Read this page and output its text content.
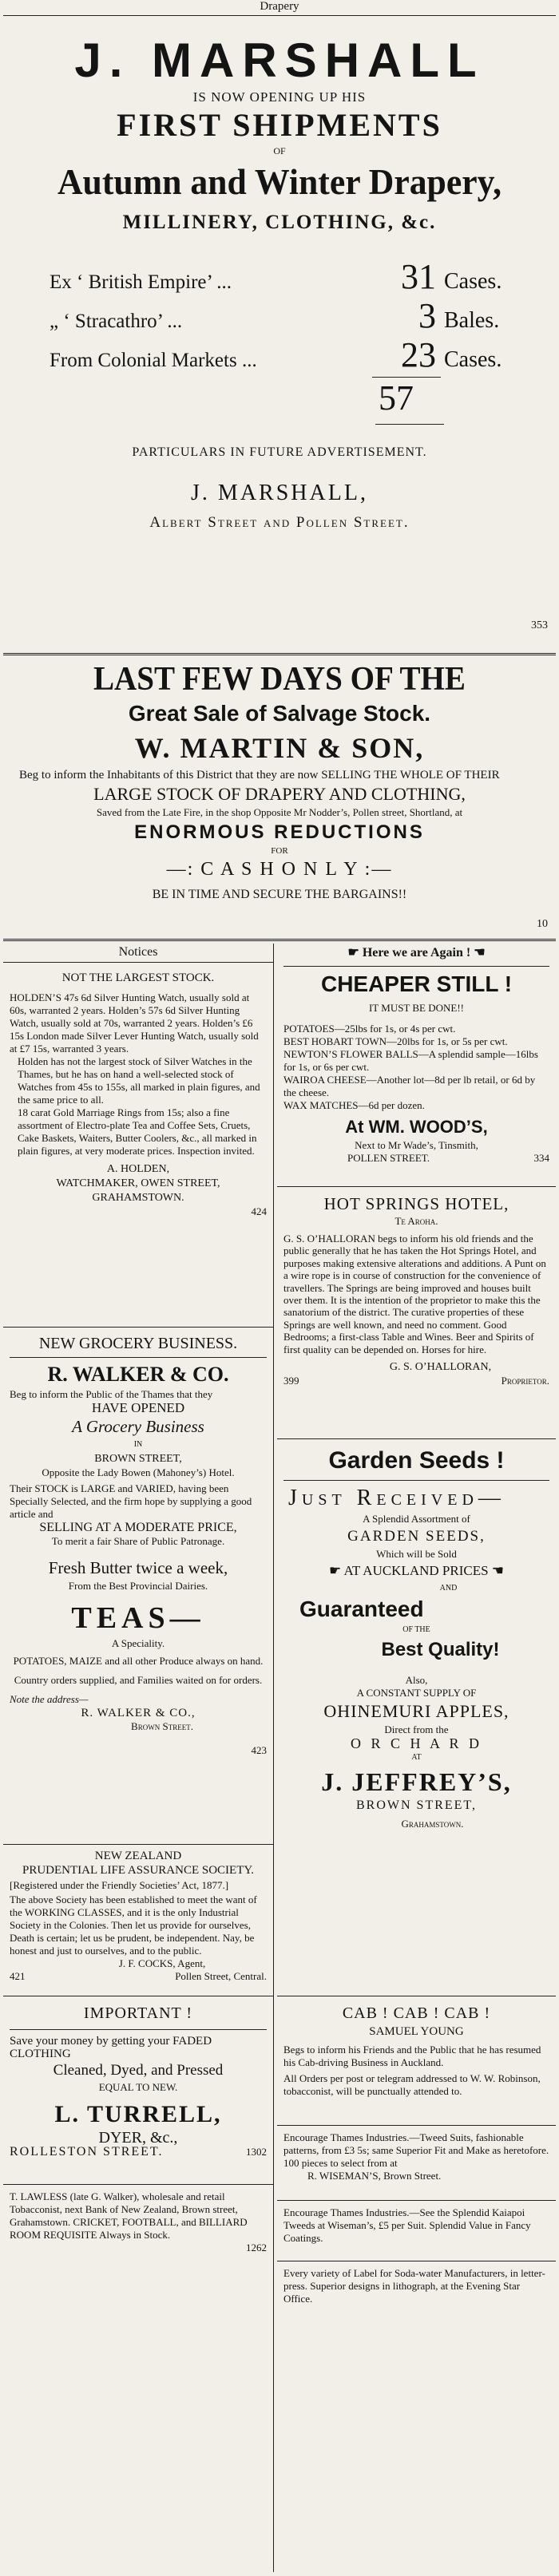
Drapery
J. MARSHALL
IS NOW OPENING UP HIS
FIRST SHIPMENTS
OF
Autumn and Winter Drapery,
MILLINERY, CLOTHING, &c.
Ex ‘ British Empire’ ...	31 Cases.
„ ‘ Stracathro’ ...	3 Bales.
From Colonial Markets ...	23 Cases.
57
PARTICULARS IN FUTURE ADVERTISEMENT.
J. MARSHALL,
Albert Street and Pollen Street.
353
LAST FEW DAYS OF THE
Great Sale of Salvage Stock.
W. MARTIN & SON,
Beg to inform the Inhabitants of this District that they are now SELLING THE WHOLE OF THEIR
LARGE STOCK OF DRAPERY AND CLOTHING,
Saved from the Late Fire, in the shop Opposite Mr Nodder’s, Pollen street, Shortland, at
ENORMOUS REDUCTIONS
FOR
—: C A S H O N L Y :—
BE IN TIME AND SECURE THE BARGAINS!!
10
Notices
NOT THE LARGEST STOCK.
HOLDEN’S 47s 6d Silver Hunting Watch, usually sold at 60s, warranted 2 years. Holden’s 57s 6d Silver Hunting Watch, usually sold at 70s, warranted 2 years. Holden’s £6 15s London made Silver Lever Hunting Watch, usually sold at £7 15s, warranted 3 years.
Holden has not the largest stock of Silver Watches in the Thames, but he has on hand a well-selected stock of Watches from 45s to 155s, all marked in plain figures, and the same price to all.
18 carat Gold Marriage Rings from 15s; also a fine assortment of Electro-plate Tea and Coffee Sets, Cruets, Cake Baskets, Waiters, Butter Coolers, &c., all marked in plain figures, at very moderate prices. Inspection invited.
A. HOLDEN,
WATCHMAKER, OWEN STREET,
GRAHAMSTOWN.
424
NEW GROCERY BUSINESS.
R. WALKER & CO.
Beg to inform the Public of the Thames that they
HAVE OPENED
A Grocery Business
IN
BROWN STREET,
Opposite the Lady Bowen (Mahoney’s) Hotel.
Their STOCK is LARGE and VARIED, having been Specially Selected, and the firm hope by supplying a good article and
SELLING AT A MODERATE PRICE,
To merit a fair Share of Public Patronage.
Fresh Butter twice a week,
From the Best Provincial Dairies.
TEAS—
A Speciality.
POTATOES, MAIZE and all other Produce always on hand.
Country orders supplied, and Families waited on for orders.
Note the address—
R. WALKER & CO.,
Brown Street.
423
NEW ZEALAND
PRUDENTIAL LIFE ASSURANCE SOCIETY.
[Registered under the Friendly Societies’ Act, 1877.]
The above Society has been established to meet the want of the WORKING CLASSES, and it is the only Industrial Society in the Colonies. Then let us provide for ourselves, Death is certain; let us be prudent, be independent. Nay, be honest and just to ourselves, and to the public.
J. F. COCKS, Agent,
421	Pollen Street, Central.
IMPORTANT !
Save your money by getting your FADED CLOTHING
Cleaned, Dyed, and Pressed
EQUAL TO NEW.
L. TURRELL,
DYER, &c.,
ROLLESTON STREET.	1302
T. LAWLESS (late G. Walker), wholesale and retail Tobacconist, next Bank of New Zealand, Brown street, Grahamstown. CRICKET, FOOTBALL, and BILLIARD ROOM REQUISITE Always in Stock.
1262
☛ Here we are Again ! ☚
CHEAPER STILL !
IT MUST BE DONE!!
POTATOES—25lbs for 1s, or 4s per cwt.
BEST HOBART TOWN—20lbs for 1s, or 5s per cwt.
NEWTON’S FLOWER BALLS—A splendid sample—16lbs for 1s, or 6s per cwt.
WAIROA CHEESE—Another lot—8d per lb retail, or 6d by the cheese.
WAX MATCHES—6d per dozen.
At WM. WOOD’S,
Next to Mr Wade’s, Tinsmith,
POLLEN STREET.	334
HOT SPRINGS HOTEL,
Te Aroha.
G. S. O’HALLORAN begs to inform his old friends and the public generally that he has taken the Hot Springs Hotel, and purposes making extensive alterations and additions. A Punt on a wire rope is in course of construction for the convenience of travellers. The Springs are being improved and houses built over them. It is the intention of the proprietor to make this the sanatorium of the district. The curative properties of these Springs are well known, and need no comment. Good Bedrooms; a first-class Table and Wines. Beer and Spirits of first quality can be depended on. Horses for hire.
G. S. O’HALLORAN,
399	Proprietor.
Garden Seeds !
Just Received—
A Splendid Assortment of
GARDEN SEEDS,
Which will be Sold
☛ AT AUCKLAND PRICES ☚
AND
Guaranteed
OF THE
Best Quality!
Also,
A CONSTANT SUPPLY OF
OHINEMURI APPLES,
Direct from the
O R C H A R D
AT
J. JEFFREY’S,
BROWN STREET,
Grahamstown.
CAB ! CAB ! CAB !
SAMUEL YOUNG
Begs to inform his Friends and the Public that he has resumed his Cab-driving Business in Auckland.
All Orders per post or telegram addressed to W. W. Robinson, tobacconist, will be punctually attended to.
Encourage Thames Industries.—Tweed Suits, fashionable patterns, from £3 5s; same Superior Fit and Make as heretofore. 100 pieces to select from at
R. WISEMAN’S, Brown Street.
Encourage Thames Industries.—See the Splendid Kaiapoi Tweeds at Wiseman’s, £5 per Suit. Splendid Value in Fancy Coatings.
Every variety of Label for Soda-water Manufacturers, in letter-press. Superior designs in lithograph, at the Evening Star Office.
